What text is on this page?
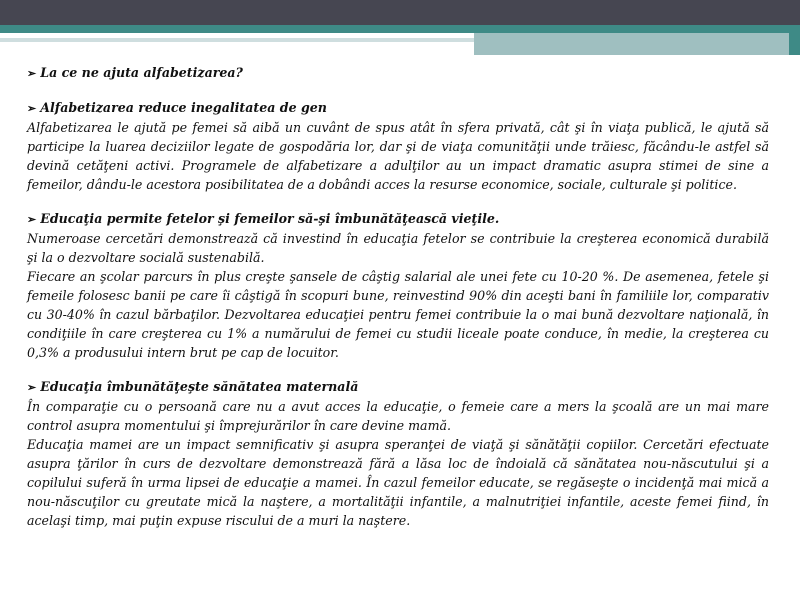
➢ La ce ne ajuta alfabetizarea?

➢ Alfabetizarea reduce inegalitatea de gen

Alfabetizarea le ajută pe femei să aibă un cuvânt de spus atât în sfera privată, cât şi în viaţa publică, le ajută să participe la luarea deciziilor legate de gospodăria lor, dar şi de viaţa comunităţii unde trăiesc, făcându-le astfel să devină cetăţeni activi. Programele de alfabetizare a adulţilor au un impact dramatic asupra stimei de sine a femeilor, dându-le acestora posibilitatea de a dobândi acces la resurse economice, sociale, culturale şi politice.

➢ Educaţia permite fetelor şi femeilor să-şi îmbunătăţească vieţile.

Numeroase cercetări demonstrează că investind în educaţia fetelor se contribuie la creşterea economică durabilă şi la o dezvoltare socială sustenabilă.

Fiecare an şcolar parcurs în plus creşte şansele de câştig salarial ale unei fete cu 10-20 %. De asemenea, fetele şi femeile folosesc banii pe care îi câştigă în scopuri bune, reinvestind 90% din aceşti bani în familiile lor, comparativ cu 30-40% în cazul bărbaţilor. Dezvoltarea educaţiei pentru femei contribuie la o mai bună dezvoltare naţională, în condiţiile în care creşterea cu 1% a numărului de femei cu studii liceale poate conduce, în medie, la creşterea cu 0,3% a produsului intern brut pe cap de locuitor.

➢ Educaţia îmbunătăţeşte sănătatea maternală

În comparaţie cu o persoană care nu a avut acces la educaţie, o femeie care a mers la şcoală are un mai mare control asupra momentului şi împrejurărilor în care devine mamă.

Educaţia mamei are un impact semnificativ şi asupra speranţei de viaţă şi sănătăţii copiilor. Cercetări efectuate asupra ţărilor în curs de dezvoltare demonstrează fără a lăsa loc de îndoială că sănătatea nou-născutului şi a copilului suferă în urma lipsei de educaţie a mamei. În cazul femeilor educate, se regăseşte o incidenţă mai mică a nou-născuţilor cu greutate mică la naştere, a mortalităţii infantile, a malnutriţiei infantile, aceste femei fiind, în acelaşi timp, mai puţin expuse riscului de a muri la naştere.
